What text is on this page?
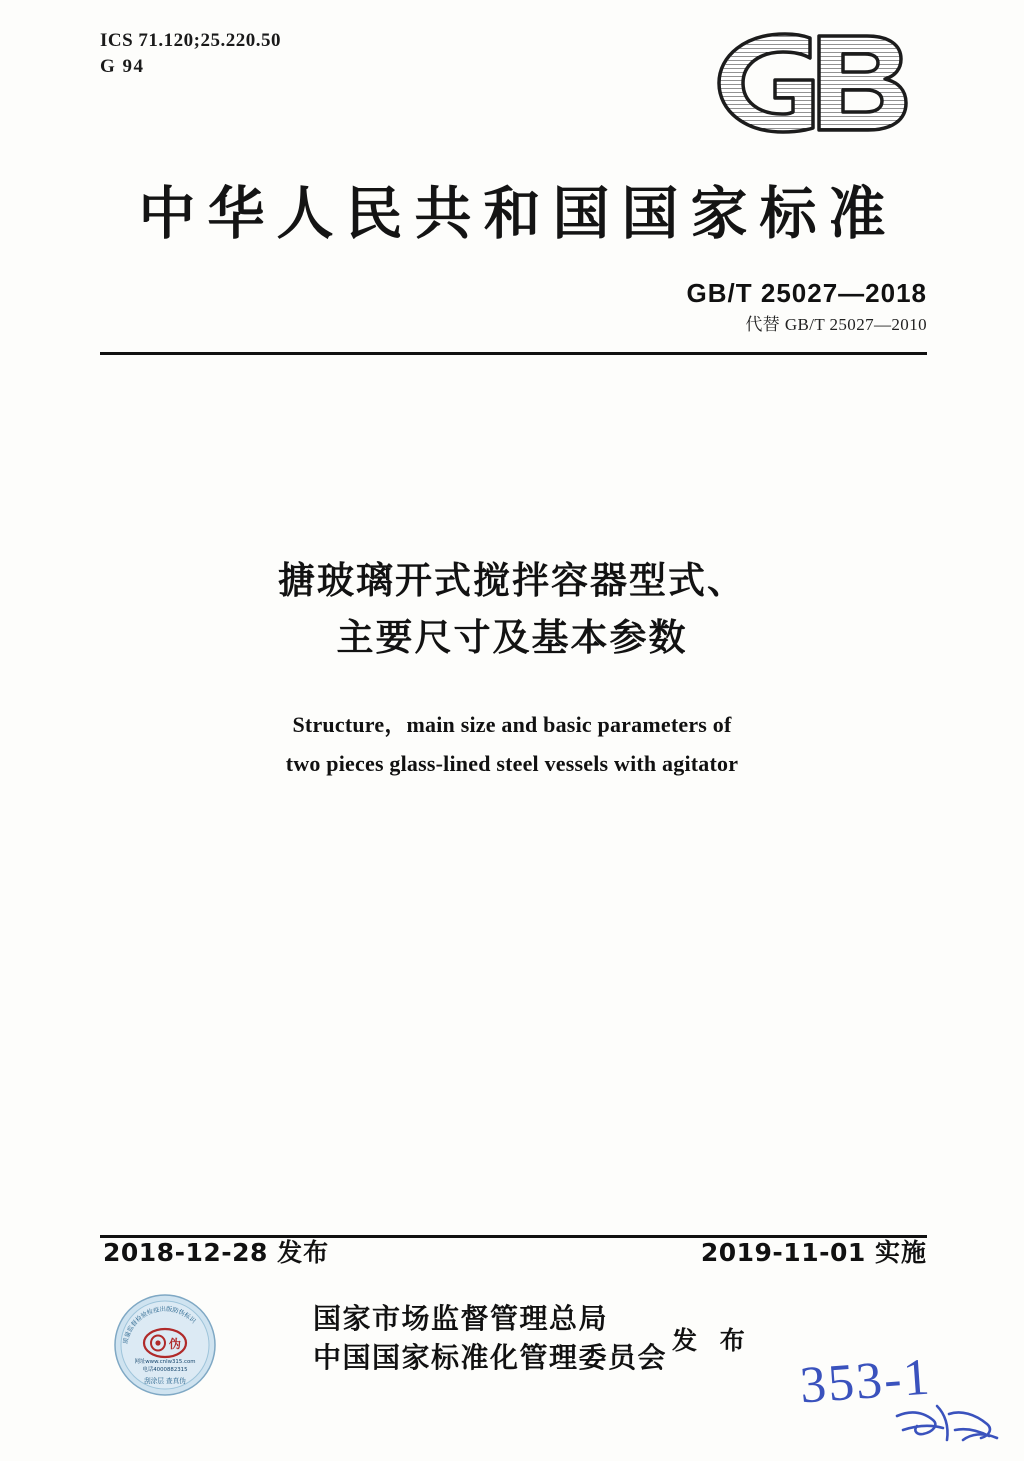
ICS 71.120;25.220.50
G 94
中华人民共和国国家标准
GB/T 25027—2018
代替 GB/T 25027—2010
搪玻璃开式搅拌容器型式、
主要尺寸及基本参数
Structure，main size and basic parameters of
two pieces glass-lined steel vessels with agitator
2018-12-28 发布	2019-11-01 实施
质量监督检验检疫出版防伪标识
伪
网址www.cnlw315.com
电话4000882315
刮涂层 查真伪
国家市场监督管理总局
中国国家标准化管理委员会
发 布
353-1
